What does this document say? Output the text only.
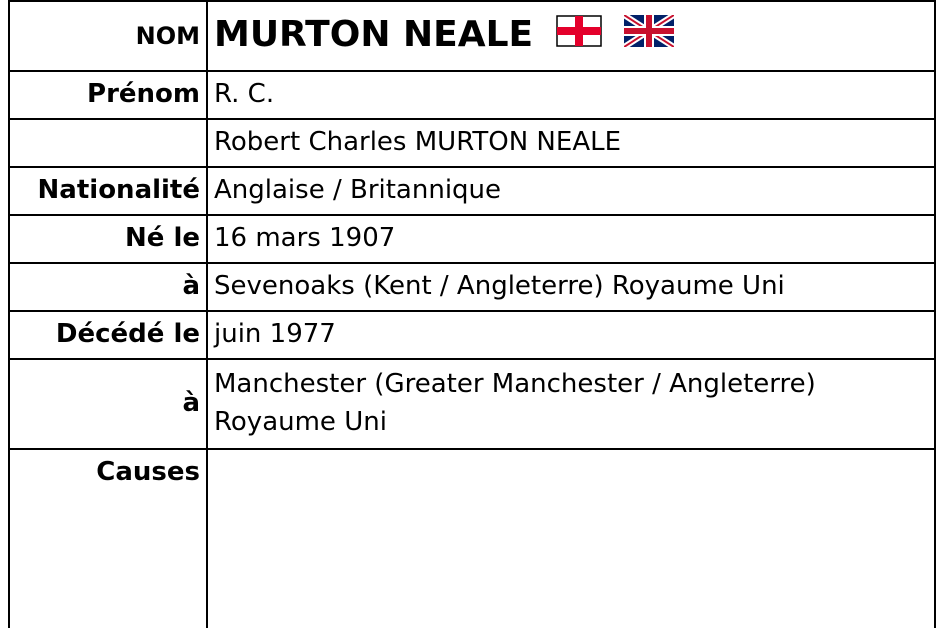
NOM	MURTON NEALE
Prénom	R. C.
	Robert Charles MURTON NEALE
Nationalité	Anglaise / Britannique
Né le	16 mars 1907
à	Sevenoaks (Kent / Angleterre) Royaume Uni
Décédé le	juin 1977
à	Manchester (Greater Manchester / Angleterre) Royaume Uni
Causes	
